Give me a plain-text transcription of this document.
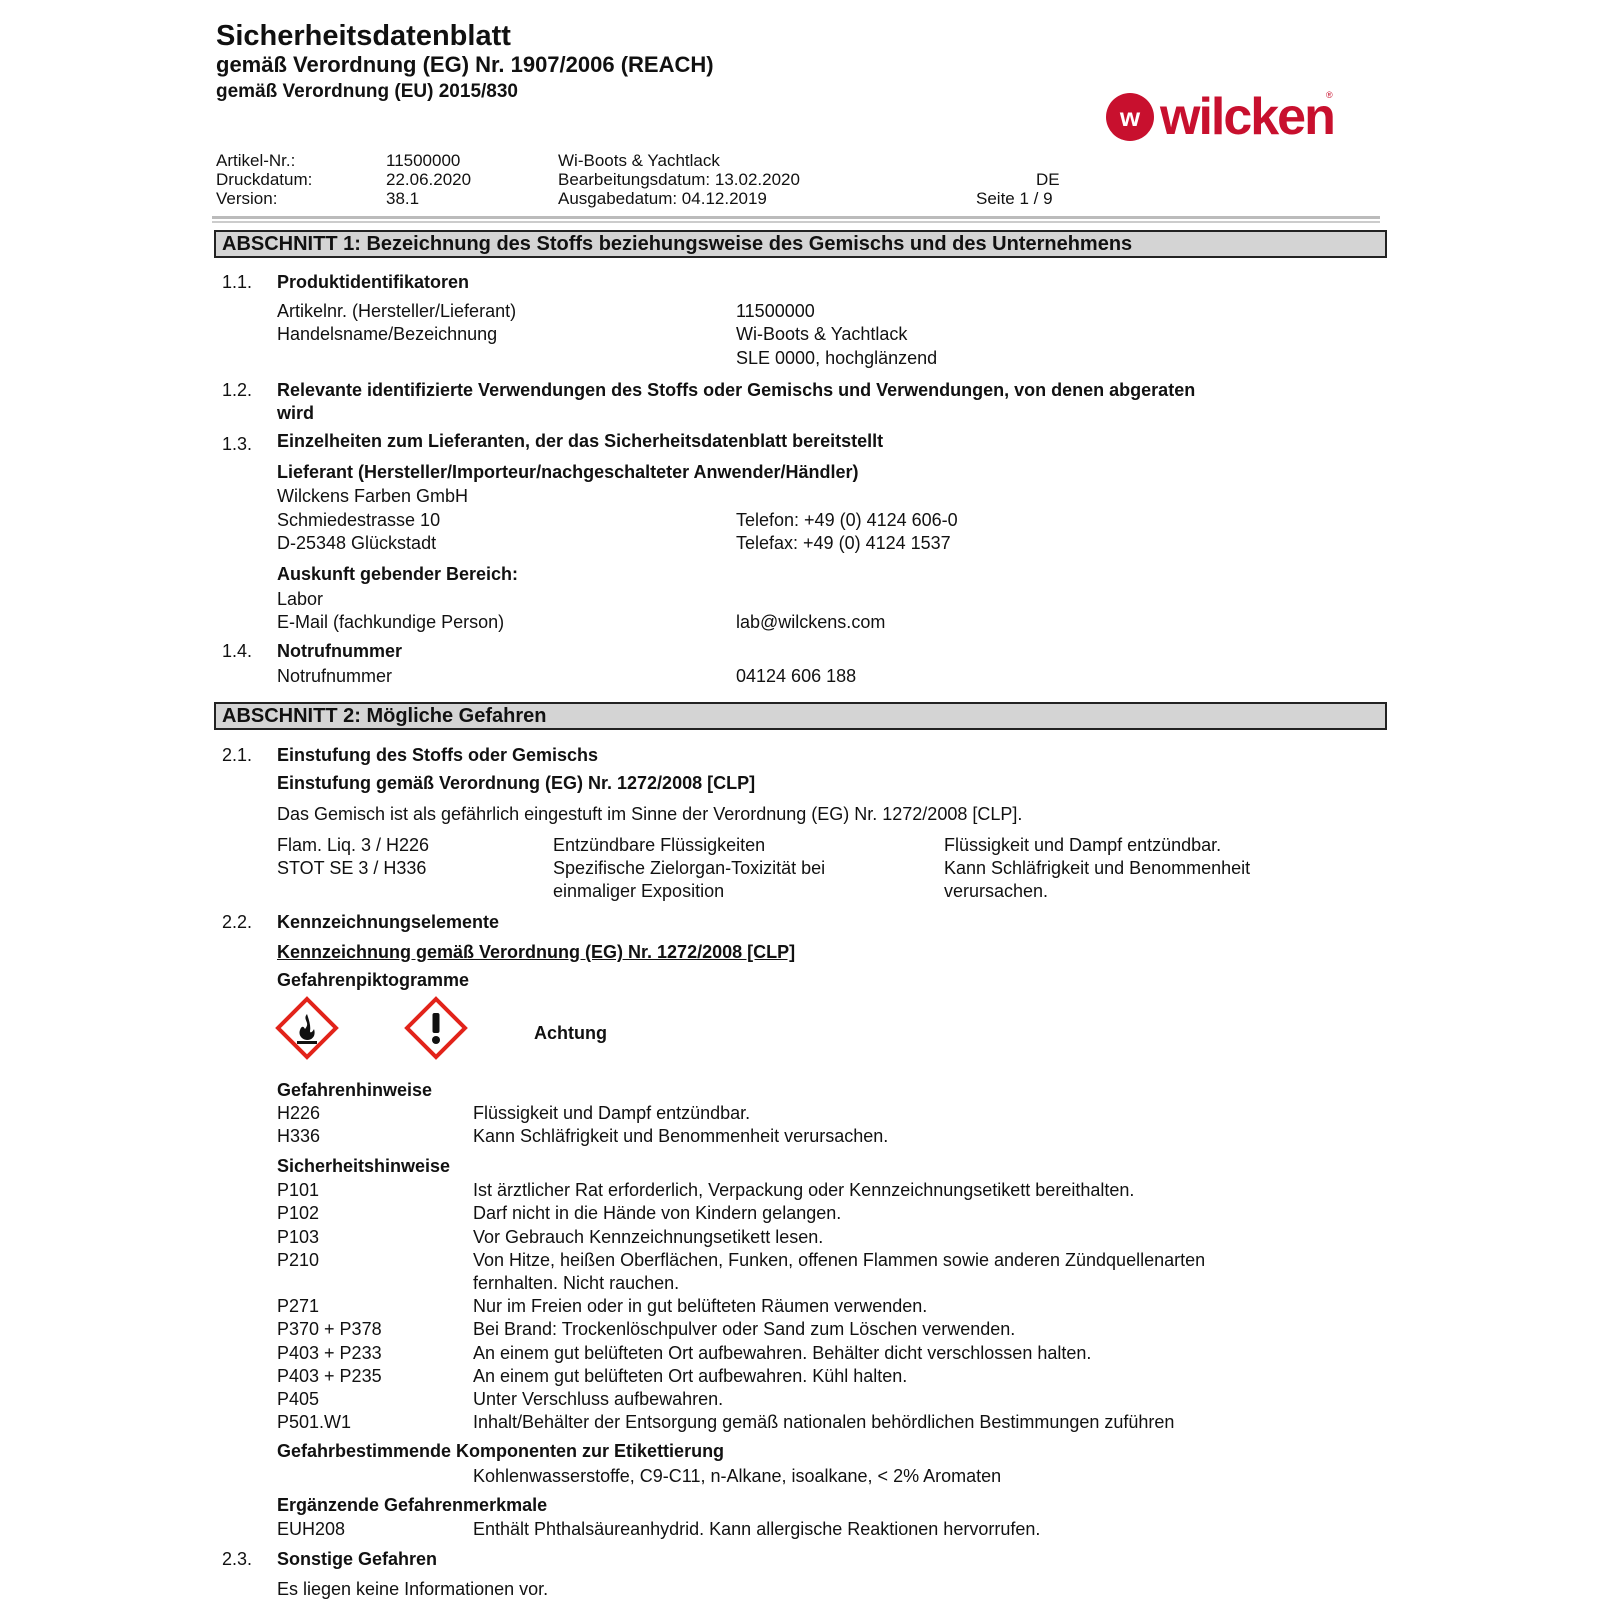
Sicherheitsdatenblatt
gemäß Verordnung (EG) Nr. 1907/2006 (REACH)
gemäß Verordnung (EU) 2015/830
w wilcken
®
Artikel-Nr.:	11500000	Wi-Boots & Yachtlack
Druckdatum:	22.06.2020	Bearbeitungsdatum: 13.02.2020	DE
Version:	38.1	Ausgabedatum: 04.12.2019	Seite 1 / 9
ABSCHNITT 1: Bezeichnung des Stoffs beziehungsweise des Gemischs und des Unternehmens
1.1. Produktidentifikatoren
Artikelnr. (Hersteller/Lieferant)	11500000
Handelsname/Bezeichnung	Wi-Boots & Yachtlack
SLE 0000, hochglänzend
1.2. Relevante identifizierte Verwendungen des Stoffs oder Gemischs und Verwendungen, von denen abgeraten
wird
1.3. Einzelheiten zum Lieferanten, der das Sicherheitsdatenblatt bereitstellt
Lieferant (Hersteller/Importeur/nachgeschalteter Anwender/Händler)
Wilckens Farben GmbH
Schmiedestrasse 10	Telefon: +49 (0) 4124 606-0
D-25348 Glückstadt	Telefax: +49 (0) 4124 1537
Auskunft gebender Bereich:
Labor
E-Mail (fachkundige Person)	lab@wilckens.com
1.4. Notrufnummer
Notrufnummer	04124 606 188
ABSCHNITT 2: Mögliche Gefahren
2.1. Einstufung des Stoffs oder Gemischs
Einstufung gemäß Verordnung (EG) Nr. 1272/2008 [CLP]
Das Gemisch ist als gefährlich eingestuft im Sinne der Verordnung (EG) Nr. 1272/2008 [CLP].
Flam. Liq. 3 / H226	Entzündbare Flüssigkeiten	Flüssigkeit und Dampf entzündbar.
STOT SE 3 / H336	Spezifische Zielorgan-Toxizität bei	Kann Schläfrigkeit und Benommenheit
einmaliger Exposition	verursachen.
2.2. Kennzeichnungselemente
Kennzeichnung gemäß Verordnung (EG) Nr. 1272/2008 [CLP]
Gefahrenpiktogramme
Achtung
Gefahrenhinweise
H226	Flüssigkeit und Dampf entzündbar.
H336	Kann Schläfrigkeit und Benommenheit verursachen.
Sicherheitshinweise
P101	Ist ärztlicher Rat erforderlich, Verpackung oder Kennzeichnungsetikett bereithalten.
P102	Darf nicht in die Hände von Kindern gelangen.
P103	Vor Gebrauch Kennzeichnungsetikett lesen.
P210	Von Hitze, heißen Oberflächen, Funken, offenen Flammen sowie anderen Zündquellenarten
fernhalten. Nicht rauchen.
P271	Nur im Freien oder in gut belüfteten Räumen verwenden.
P370 + P378	Bei Brand: Trockenlöschpulver oder Sand zum Löschen verwenden.
P403 + P233	An einem gut belüfteten Ort aufbewahren. Behälter dicht verschlossen halten.
P403 + P235	An einem gut belüfteten Ort aufbewahren. Kühl halten.
P405	Unter Verschluss aufbewahren.
P501.W1	Inhalt/Behälter der Entsorgung gemäß nationalen behördlichen Bestimmungen zuführen
Gefahrbestimmende Komponenten zur Etikettierung
Kohlenwasserstoffe, C9-C11, n-Alkane, isoalkane, < 2% Aromaten
Ergänzende Gefahrenmerkmale
EUH208	Enthält Phthalsäureanhydrid. Kann allergische Reaktionen hervorrufen.
2.3. Sonstige Gefahren
Es liegen keine Informationen vor.
